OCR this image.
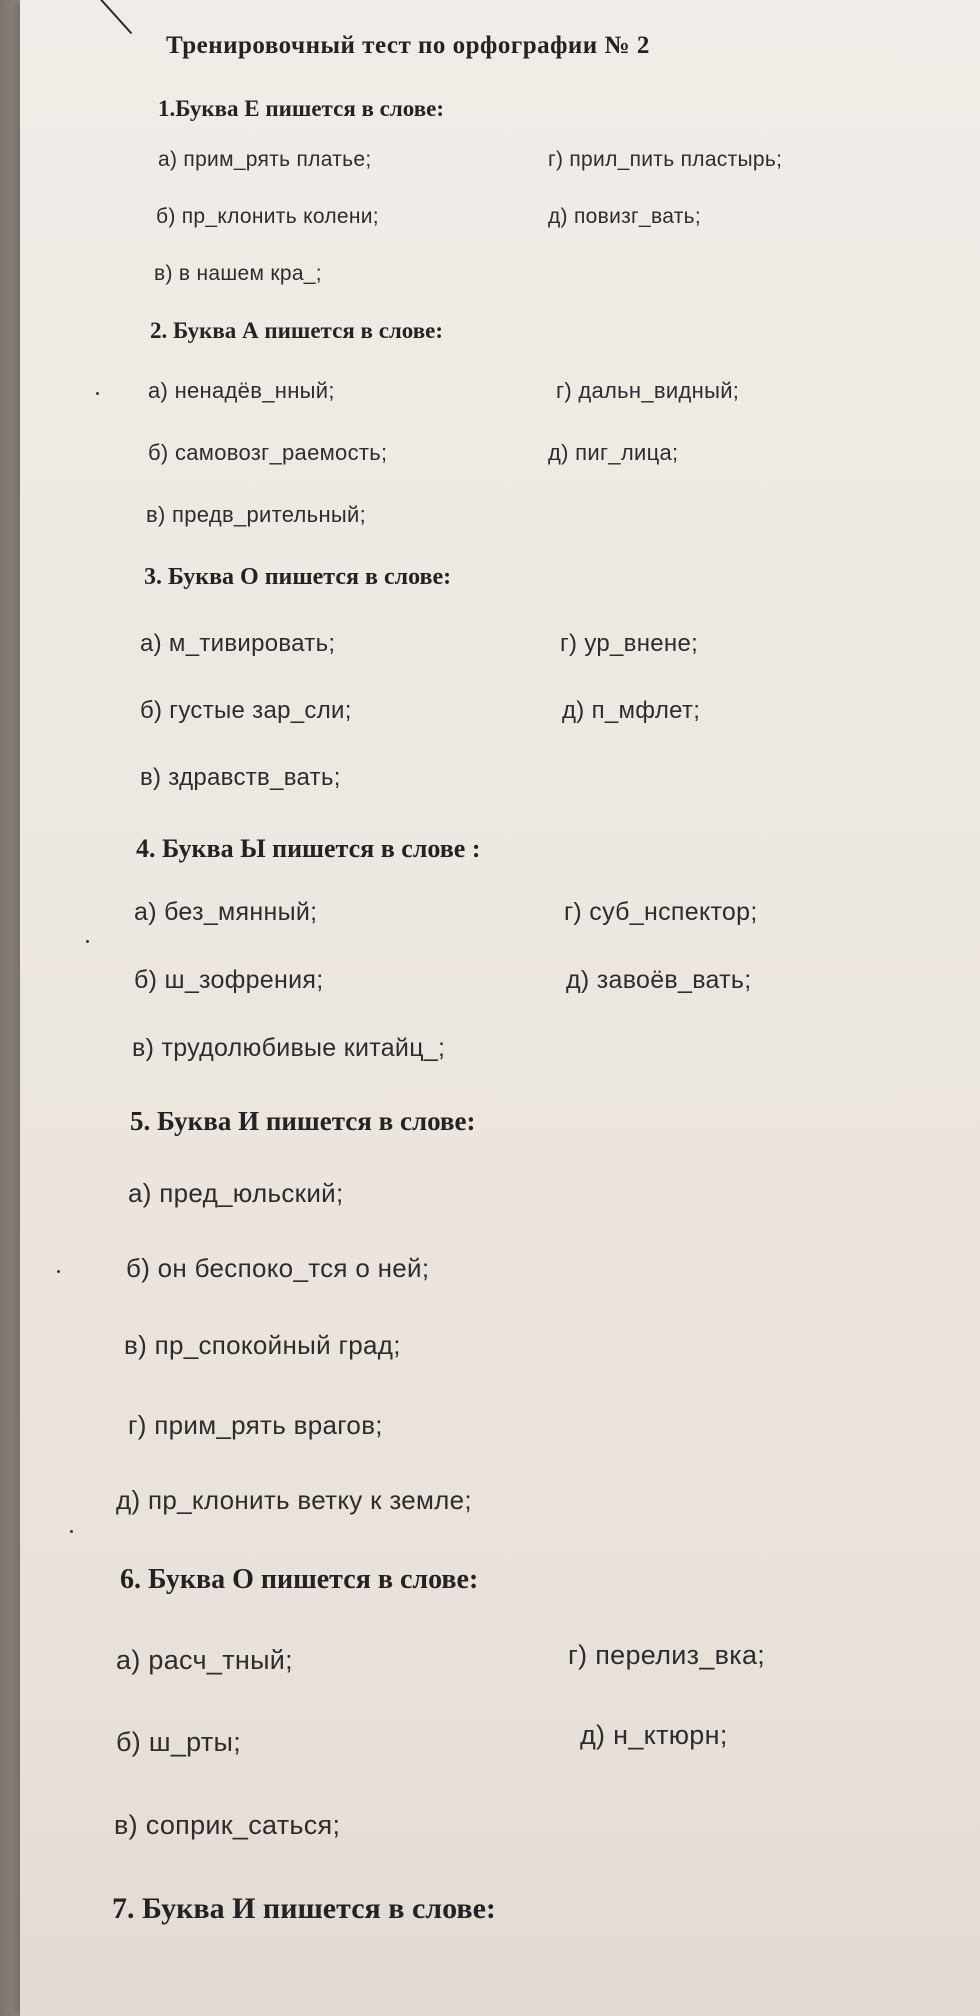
Тренировочный тест по орфографии № 2
1.Буква Е пишется в слове:
а) прим_рять платье;	г) прил_пить пластырь;
б) пр_клонить колени;	д) повизг_вать;
в) в нашем кра_;
2. Буква А пишется в слове:
а) ненадёв_нный;	г) дальн_видный;
б) самовозг_раемость;	д) пиг_лица;
в) предв_рительный;
3. Буква О пишется в слове:
а) м_тивировать;	г) ур_внене;
б) густые зар_сли;	д) п_мфлет;
в) здравств_вать;
4. Буква Ы пишется в слове :
а) без_мянный;	г) суб_нспектор;
б) ш_зофрения;	д) завоёв_вать;
в) трудолюбивые китайц_;
5. Буква И пишется в слове:
а) пред_юльский;
б) он беспоко_тся о ней;
в) пр_спокойный град;
г) прим_рять врагов;
д) пр_клонить ветку к земле;
6. Буква О пишется в слове:
а) расч_тный;	г) перелиз_вка;
б) ш_рты;	д) н_ктюрн;
в) соприк_саться;
7. Буква И пишется в слове:
